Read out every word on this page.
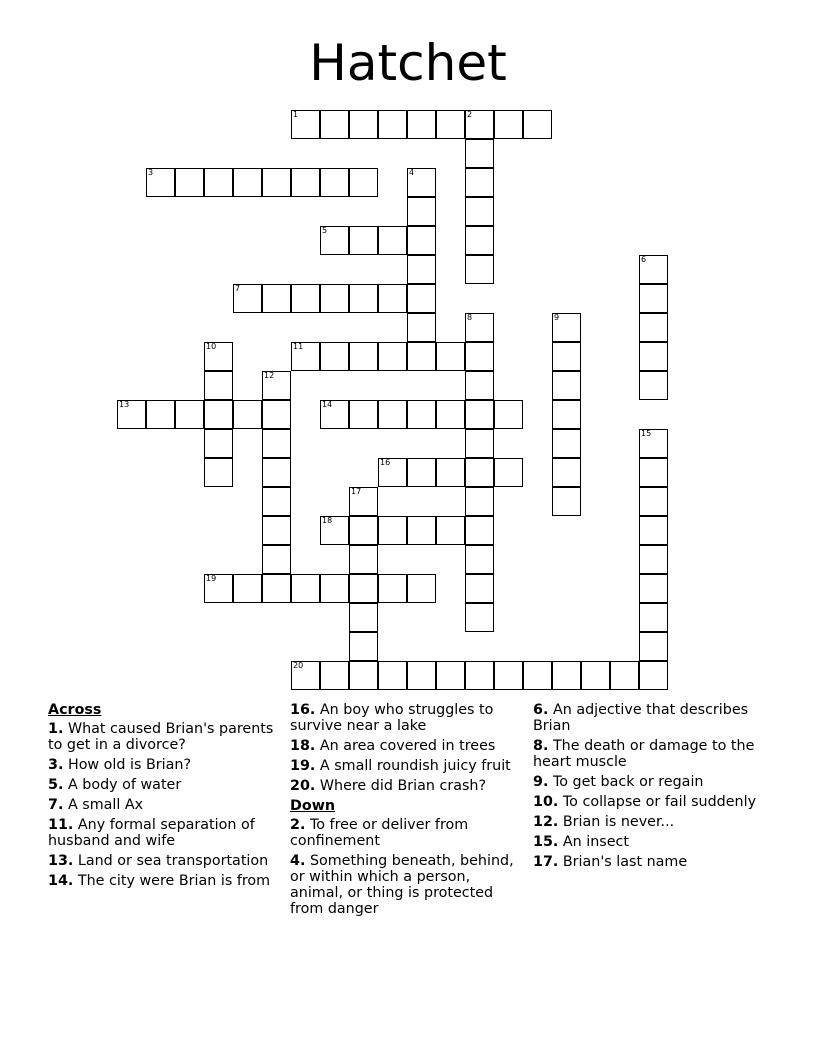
Hatchet
1	2
3	4
5
6
7
8	9
10	11
12
13	14
15
16
17
18
19
20
Across
1. What caused Brian's parents to get in a divorce?
3. How old is Brian?
5. A body of water
7. A small Ax
11. Any formal separation of husband and wife
13. Land or sea transportation
14. The city were Brian is from
16. An boy who struggles to survive near a lake
18. An area covered in trees
19. A small roundish juicy fruit
20. Where did Brian crash?
Down
2. To free or deliver from confinement
4. Something beneath, behind, or within which a person, animal, or thing is protected from danger
6. An adjective that describes Brian
8. The death or damage to the heart muscle
9. To get back or regain
10. To collapse or fail suddenly
12. Brian is never...
15. An insect
17. Brian's last name
